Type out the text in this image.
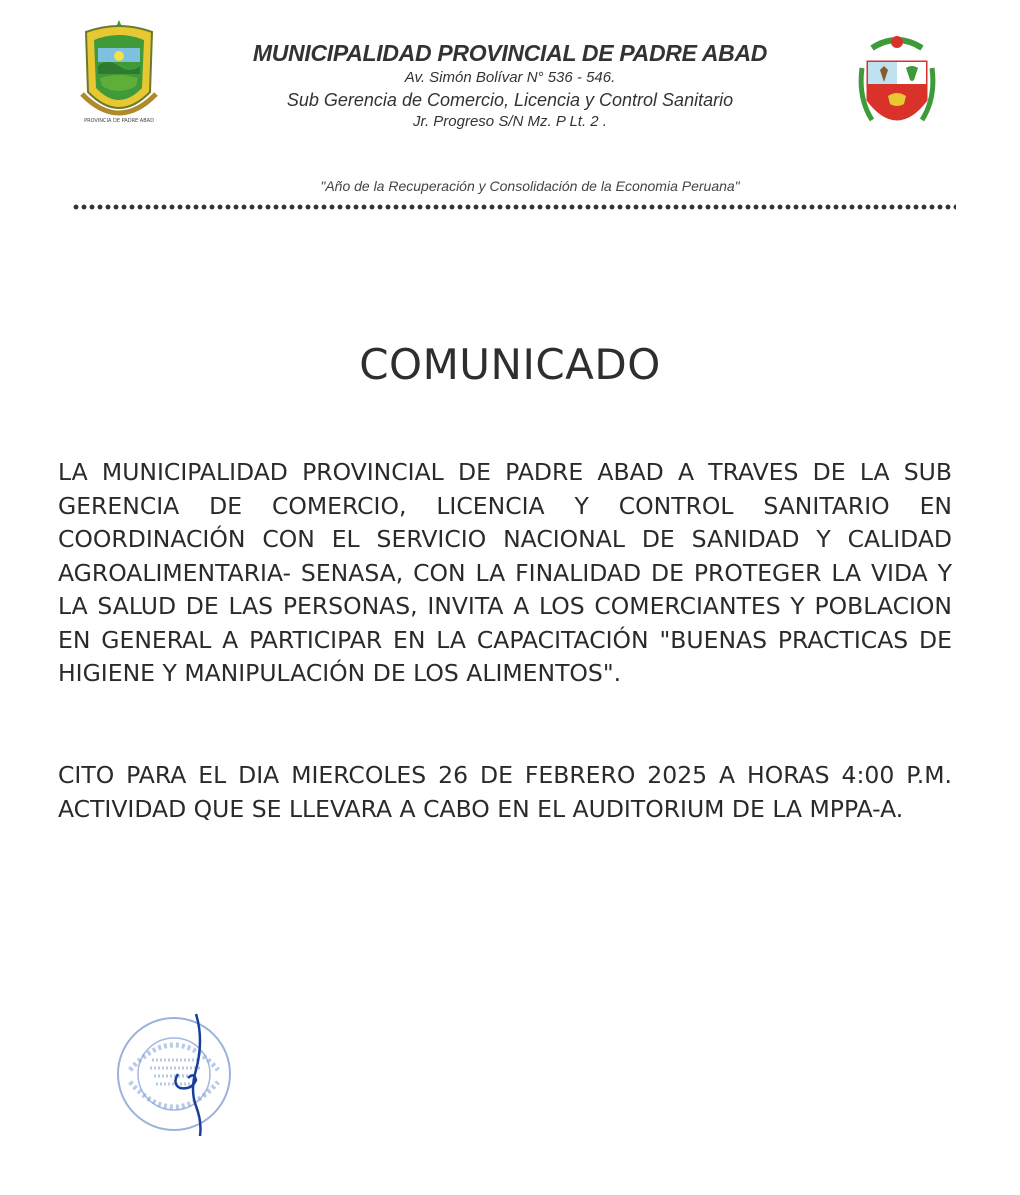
PROVINCIA DE PADRE ABAD
MUNICIPALIDAD PROVINCIAL DE PADRE ABAD
Av. Simón Bolívar N° 536 - 546.
Sub Gerencia de Comercio, Licencia y Control Sanitario
Jr. Progreso S/N Mz. P Lt. 2 .
"Año de la Recuperación y Consolidación de la Economia Peruana"
COMUNICADO

LA MUNICIPALIDAD PROVINCIAL DE PADRE ABAD A TRAVES DE LA SUB GERENCIA DE COMERCIO, LICENCIA Y CONTROL SANITARIO EN COORDINACIÓN CON EL SERVICIO NACIONAL DE SANIDAD Y CALIDAD AGROALIMENTARIA- SENASA, CON LA FINALIDAD DE PROTEGER LA VIDA Y LA SALUD DE LAS PERSONAS, INVITA A LOS COMERCIANTES Y POBLACION EN GENERAL A PARTICIPAR EN LA CAPACITACIÓN "BUENAS PRACTICAS DE HIGIENE Y MANIPULACIÓN DE LOS ALIMENTOS".

CITO PARA EL DIA MIERCOLES 26 DE FEBRERO 2025 A HORAS 4:00 P.M. ACTIVIDAD QUE SE LLEVARA A CABO EN EL AUDITORIUM DE LA MPPA-A.
